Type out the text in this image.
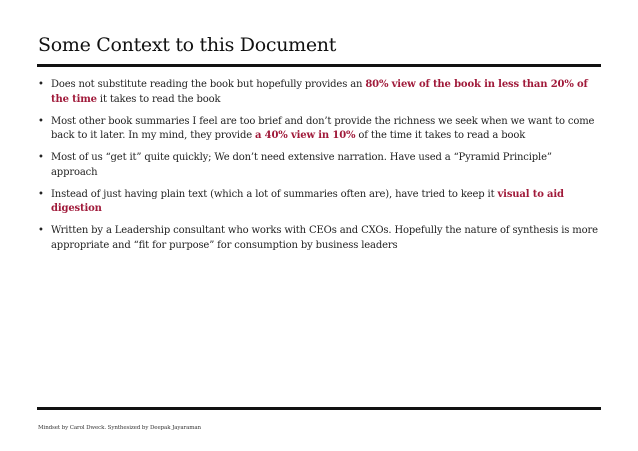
Some Context to this Document
• Does not substitute reading the book but hopefully provides an 80% view of the book in less than 20% of the time it takes to read the book
• Most other book summaries I feel are too brief and don’t provide the richness we seek when we want to come back to it later. In my mind, they provide a 40% view in 10% of the time it takes to read a book
• Most of us “get it” quite quickly; We don’t need extensive narration. Have used a “Pyramid Principle” approach
• Instead of just having plain text (which a lot of summaries often are), have tried to keep it visual to aid digestion
• Written by a Leadership consultant who works with CEOs and CXOs. Hopefully the nature of synthesis is more appropriate and “fit for purpose” for consumption by business leaders
Mindset by Carol Dweck. Synthesized by Deepak Jayaraman
